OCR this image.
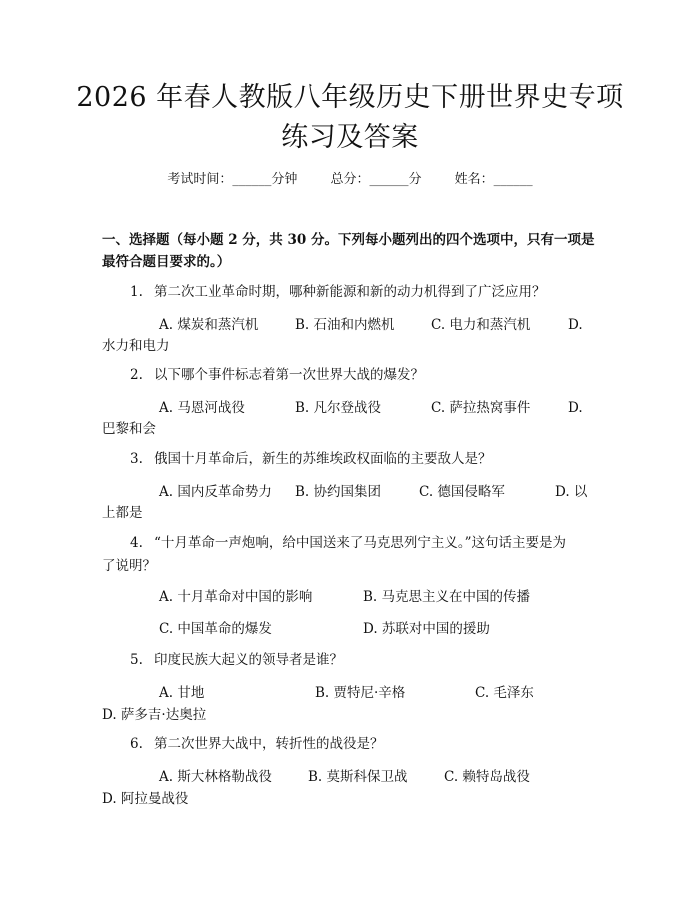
2026 年春人教版八年级历史下册世界史专项
练习及答案
考试时间：______分钟	总分：______分	姓名：______
一、选择题（每小题 2 分，共 30 分。下列每小题列出的四个选项中，只有一项是最符合题目要求的。）
1. 第二次工业革命时期，哪种新能源和新的动力机得到了广泛应用？
A. 煤炭和蒸汽机	B. 石油和内燃机	C. 电力和蒸汽机	D.
水力和电力
2. 以下哪个事件标志着第一次世界大战的爆发？
A. 马恩河战役	B. 凡尔登战役	C. 萨拉热窝事件	D.
巴黎和会
3. 俄国十月革命后，新生的苏维埃政权面临的主要敌人是？
A. 国内反革命势力 B. 协约国集团	C. 德国侵略军	D. 以
上都是
4. “十月革命一声炮响，给中国送来了马克思列宁主义。”这句话主要是为
了说明？
A. 十月革命对中国的影响	B. 马克思主义在中国的传播
C. 中国革命的爆发	D. 苏联对中国的援助
5. 印度民族大起义的领导者是谁？
A. 甘地	B. 贾特尼·辛格	C. 毛泽东
D. 萨多吉·达奥拉
6. 第二次世界大战中，转折性的战役是？
A. 斯大林格勒战役	B. 莫斯科保卫战	C. 赖特岛战役
D. 阿拉曼战役
